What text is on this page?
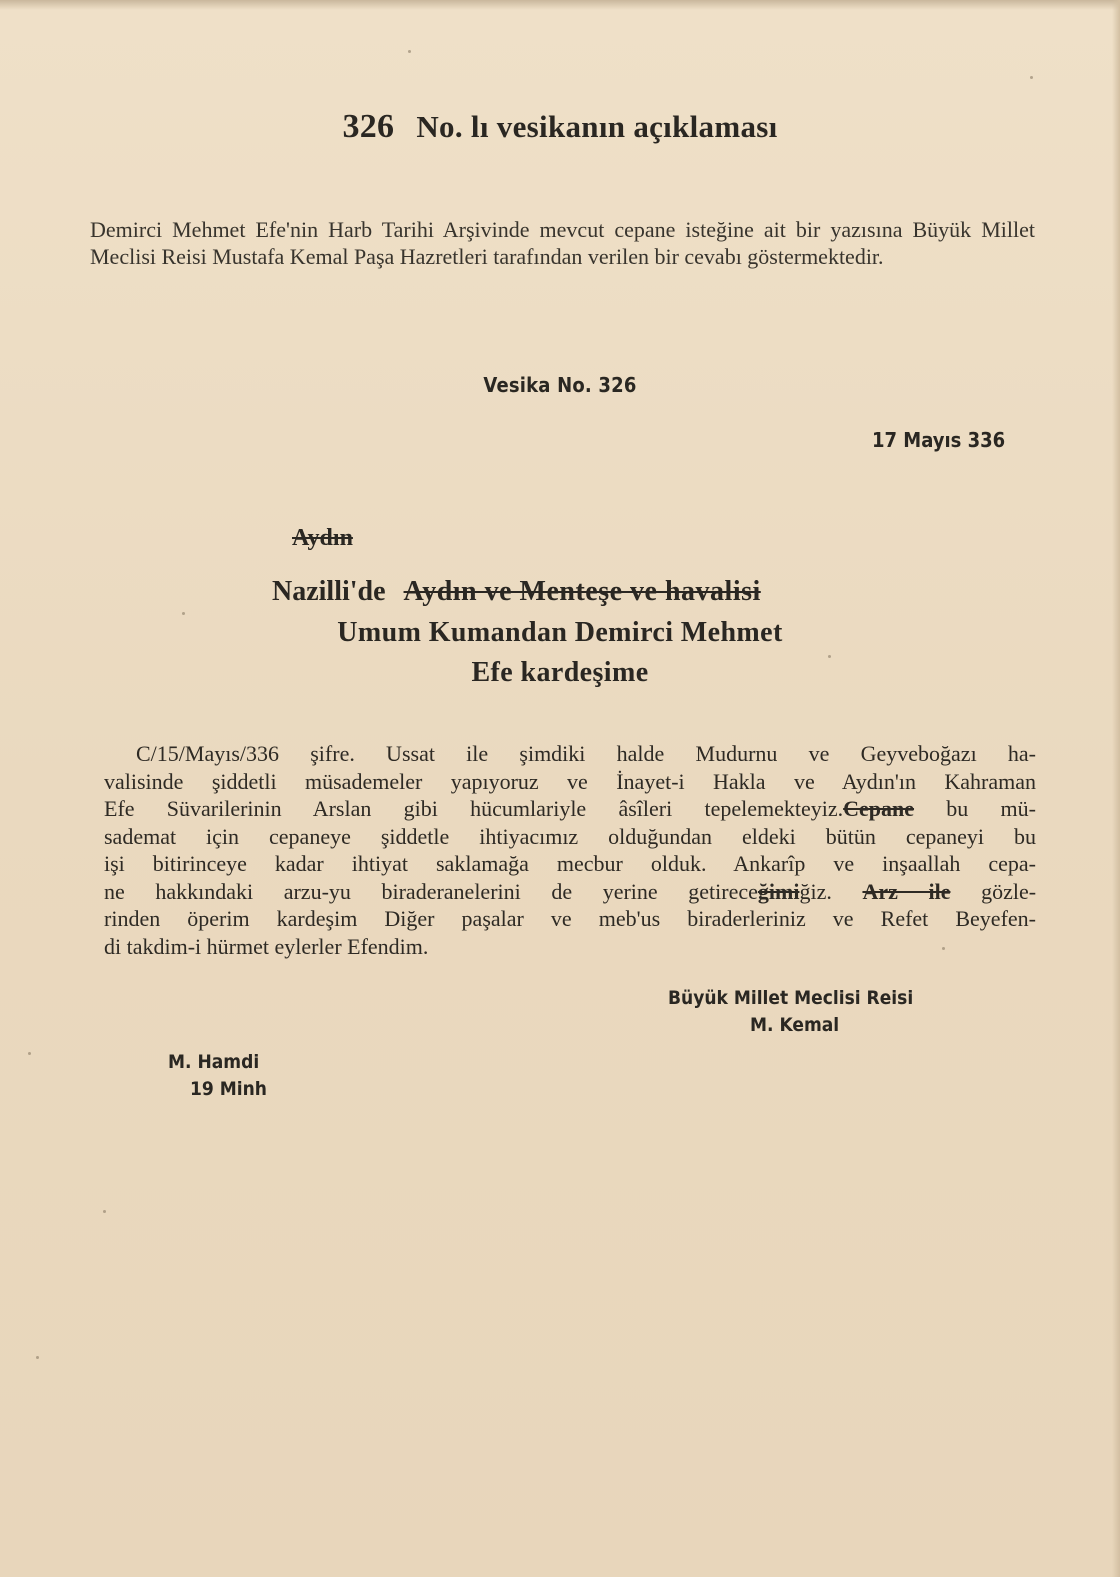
326 No. lı vesikanın açıklaması
Demirci Mehmet Efe'nin Harb Tarihi Arşivinde mevcut cepane isteğine ait bir yazısına Büyük Millet Meclisi Reisi Mustafa Kemal Paşa Hazretleri tarafından verilen bir cevabı göstermektedir.
Vesika No. 326
17 Mayıs 336
Aydın
Nazilli'de Aydın ve Menteşe ve havalisi
Umum Kumandan Demirci Mehmet
Efe kardeşime
C/15/Mayıs/336 şifre. Ussat ile şimdiki halde Mudurnu ve Geyveboğazı ha-
valisinde şiddetli müsademeler yapıyoruz ve İnayet-i Hakla ve Aydın'ın Kahraman
Efe Süvarilerinin Arslan gibi hücumlariyle âsîleri tepelemekteyiz.Cepane bu mü-
sademat için cepaneye şiddetle ihtiyacımız olduğundan eldeki bütün cepaneyi bu
işi bitirinceye kadar ihtiyat saklamağa mecbur olduk. Ankarîp ve inşaallah cepa-
ne hakkındaki arzu-yu biraderanelerini de yerine getireceğimiğiz. Arz ile gözle-
rinden öperim kardeşim Diğer paşalar ve meb'us biraderleriniz ve Refet Beyefen-
di takdim-i hürmet eylerler Efendim.
Büyük Millet Meclisi Reisi
M. Kemal
M. Hamdi
19 Minh
